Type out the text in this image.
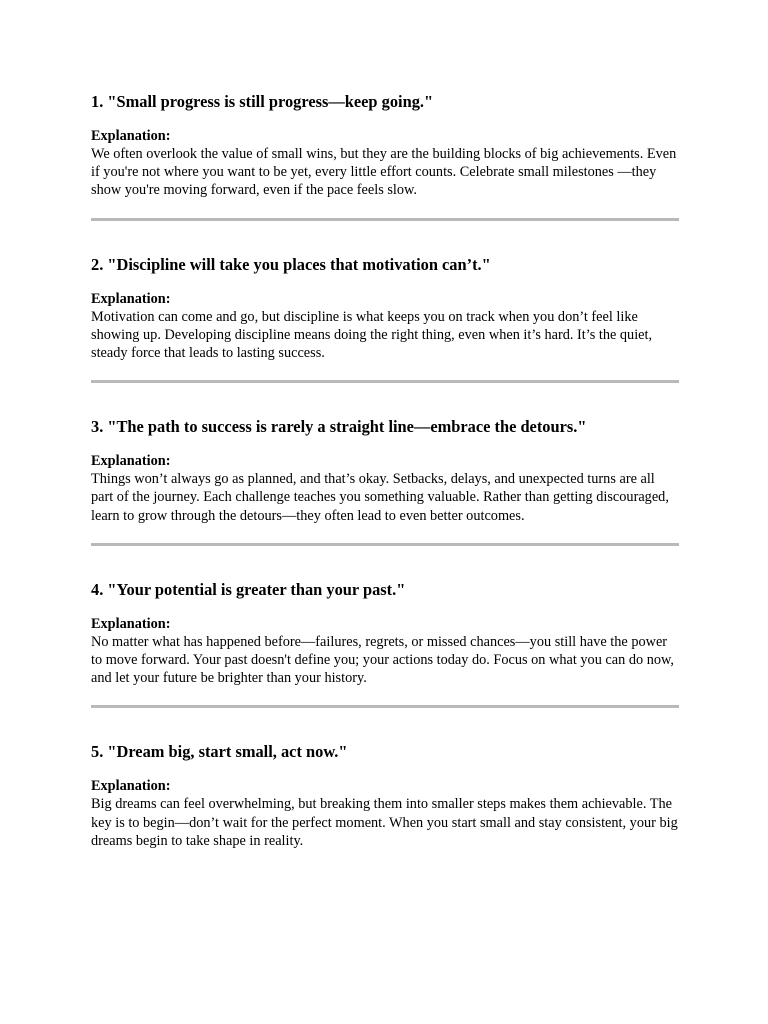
1. "Small progress is still progress—keep going."
Explanation:

We often overlook the value of small wins, but they are the building blocks of big achievements. Even if you're not where you want to be yet, every little effort counts. Celebrate small milestones —they show you're moving forward, even if the pace feels slow.

2. "Discipline will take you places that motivation can’t."
Explanation:

Motivation can come and go, but discipline is what keeps you on track when you don’t feel like showing up. Developing discipline means doing the right thing, even when it’s hard. It’s the quiet, steady force that leads to lasting success.

3. "The path to success is rarely a straight line—embrace the detours."
Explanation:

Things won’t always go as planned, and that’s okay. Setbacks, delays, and unexpected turns are all part of the journey. Each challenge teaches you something valuable. Rather than getting discouraged, learn to grow through the detours—they often lead to even better outcomes.

4. "Your potential is greater than your past."
Explanation:

No matter what has happened before—failures, regrets, or missed chances—you still have the power to move forward. Your past doesn't define you; your actions today do. Focus on what you can do now, and let your future be brighter than your history.

5. "Dream big, start small, act now."
Explanation:

Big dreams can feel overwhelming, but breaking them into smaller steps makes them achievable. The key is to begin—don’t wait for the perfect moment. When you start small and stay consistent, your big dreams begin to take shape in reality.
